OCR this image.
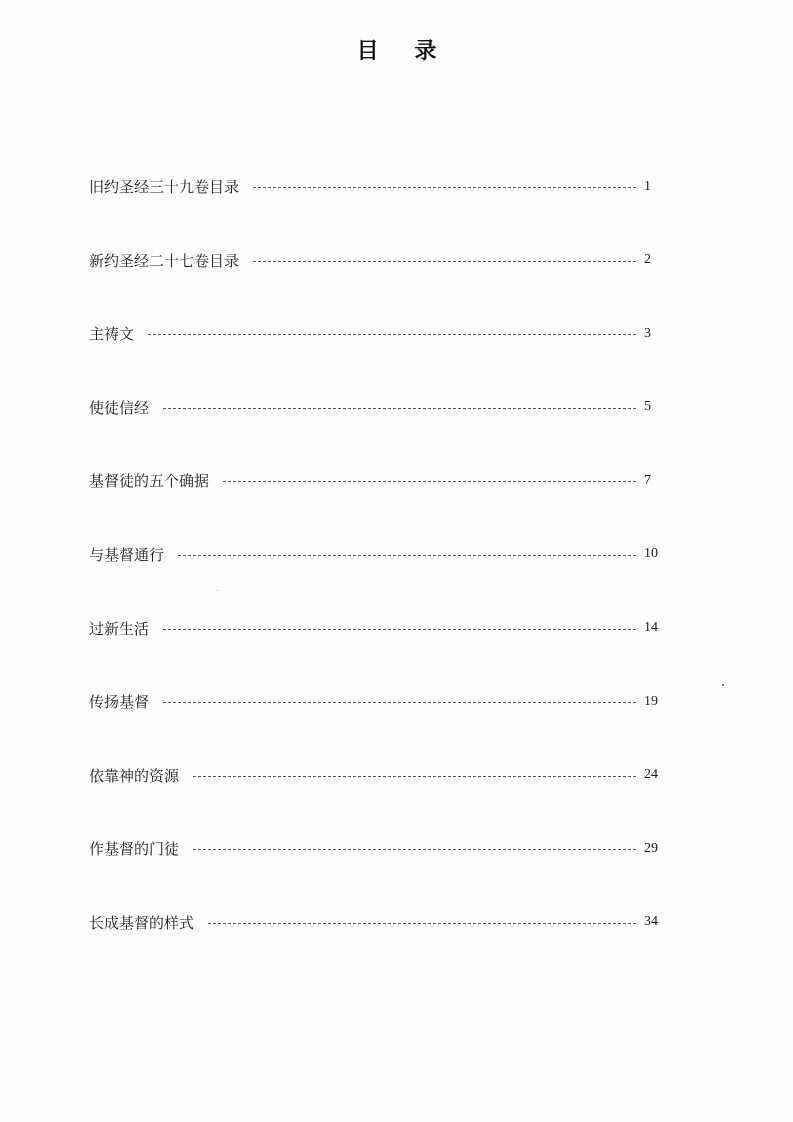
目 录
旧约圣经三十九卷目录	1
新约圣经二十七卷目录	2
主祷文	3
使徒信经	5
基督徒的五个确据	7
与基督通行	10
过新生活	14
传扬基督	19
依靠神的资源	24
作基督的门徒	29
长成基督的样式	34
